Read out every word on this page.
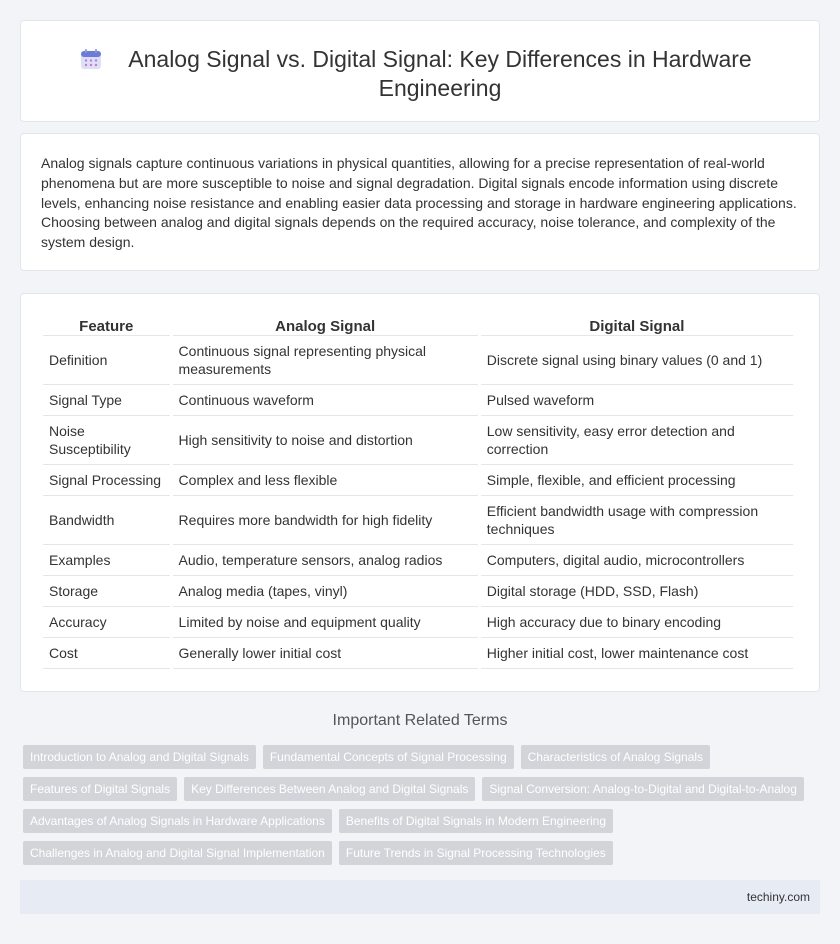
Analog Signal vs. Digital Signal: Key Differences in Hardware Engineering

Analog signals capture continuous variations in physical quantities, allowing for a precise representation of real-world phenomena but are more susceptible to noise and signal degradation. Digital signals encode information using discrete levels, enhancing noise resistance and enabling easier data processing and storage in hardware engineering applications. Choosing between analog and digital signals depends on the required accuracy, noise tolerance, and complexity of the system design.

Feature	Analog Signal	Digital Signal
Definition	Continuous signal representing physical measurements	Discrete signal using binary values (0 and 1)
Signal Type	Continuous waveform	Pulsed waveform
Noise Susceptibility	High sensitivity to noise and distortion	Low sensitivity, easy error detection and correction
Signal Processing	Complex and less flexible	Simple, flexible, and efficient processing
Bandwidth	Requires more bandwidth for high fidelity	Efficient bandwidth usage with compression techniques
Examples	Audio, temperature sensors, analog radios	Computers, digital audio, microcontrollers
Storage	Analog media (tapes, vinyl)	Digital storage (HDD, SSD, Flash)
Accuracy	Limited by noise and equipment quality	High accuracy due to binary encoding
Cost	Generally lower initial cost	Higher initial cost, lower maintenance cost
Important Related Terms
Introduction to Analog and Digital Signals	Fundamental Concepts of Signal Processing	Characteristics of Analog Signals
Features of Digital Signals	Key Differences Between Analog and Digital Signals	Signal Conversion: Analog-to-Digital and Digital-to-Analog
Advantages of Analog Signals in Hardware Applications	Benefits of Digital Signals in Modern Engineering
Challenges in Analog and Digital Signal Implementation	Future Trends in Signal Processing Technologies
techiny.com
